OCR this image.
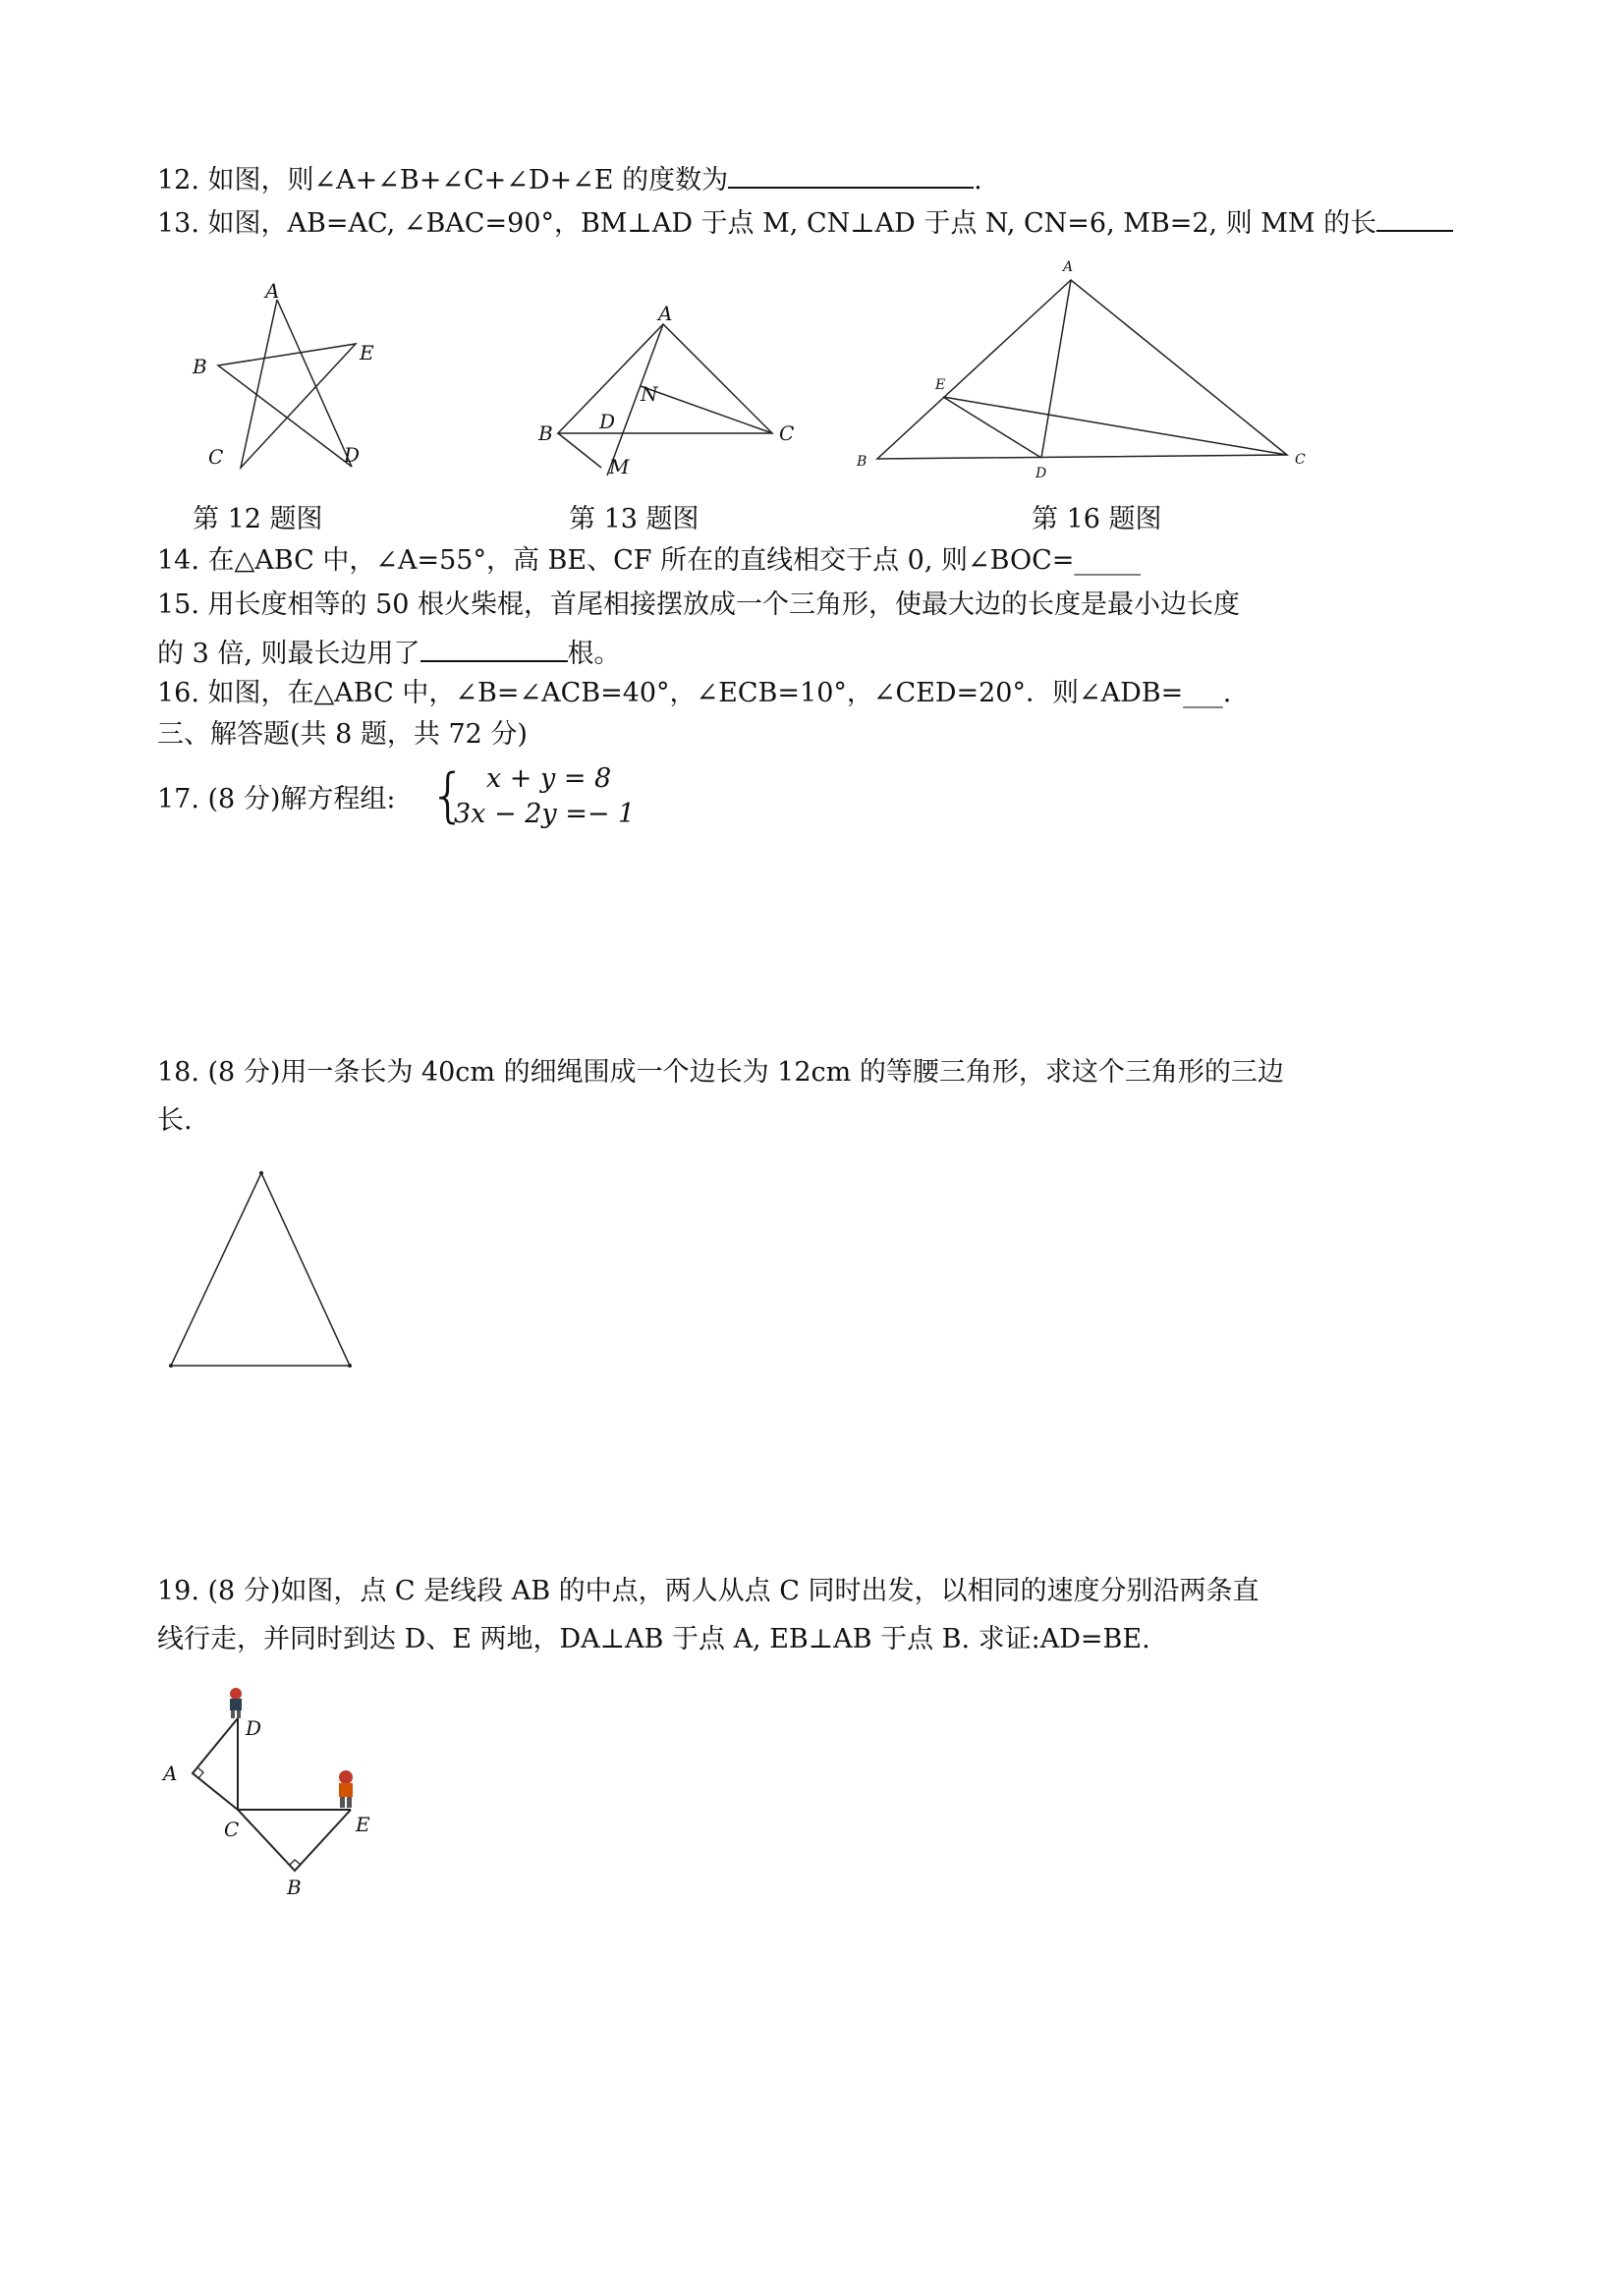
12. 如图，则∠A+∠B+∠C+∠D+∠E 的度数为	.
13. 如图，AB=AC, ∠BAC=90°，BM⊥AD 于点 M, CN⊥AD 于点 N, CN=6, MB=2, 则 MM 的长
A
B
E
C	D
第 12 题图
A
N
B D	C
M
第 13 题图
A
E
B
D
C
第 16 题图
14. 在△ABC 中，∠A=55°，高 BE、CF 所在的直线相交于点 0, 则∠BOC=_____
15. 用长度相等的 50 根火柴棍，首尾相接摆放成一个三角形，使最大边的长度是最小边长度
的 3 倍, 则最长边用了	根。
16. 如图，在△ABC 中，∠B=∠ACB=40°，∠ECB=10°，∠CED=20°．则∠ADB=___.
三、解答题(共 8 题，共 72 分)
17. (8 分)解方程组: { x + y = 8
3x − 2y =− 1
18. (8 分)用一条长为 40cm 的细绳围成一个边长为 12cm 的等腰三角形，求这个三角形的三边
长.
19. (8 分)如图，点 C 是线段 AB 的中点，两人从点 C 同时出发，以相同的速度分别沿两条直
线行走，并同时到达 D、E 两地，DA⊥AB 于点 A, EB⊥AB 于点 B. 求证:AD=BE.
D
A
C	E
B
